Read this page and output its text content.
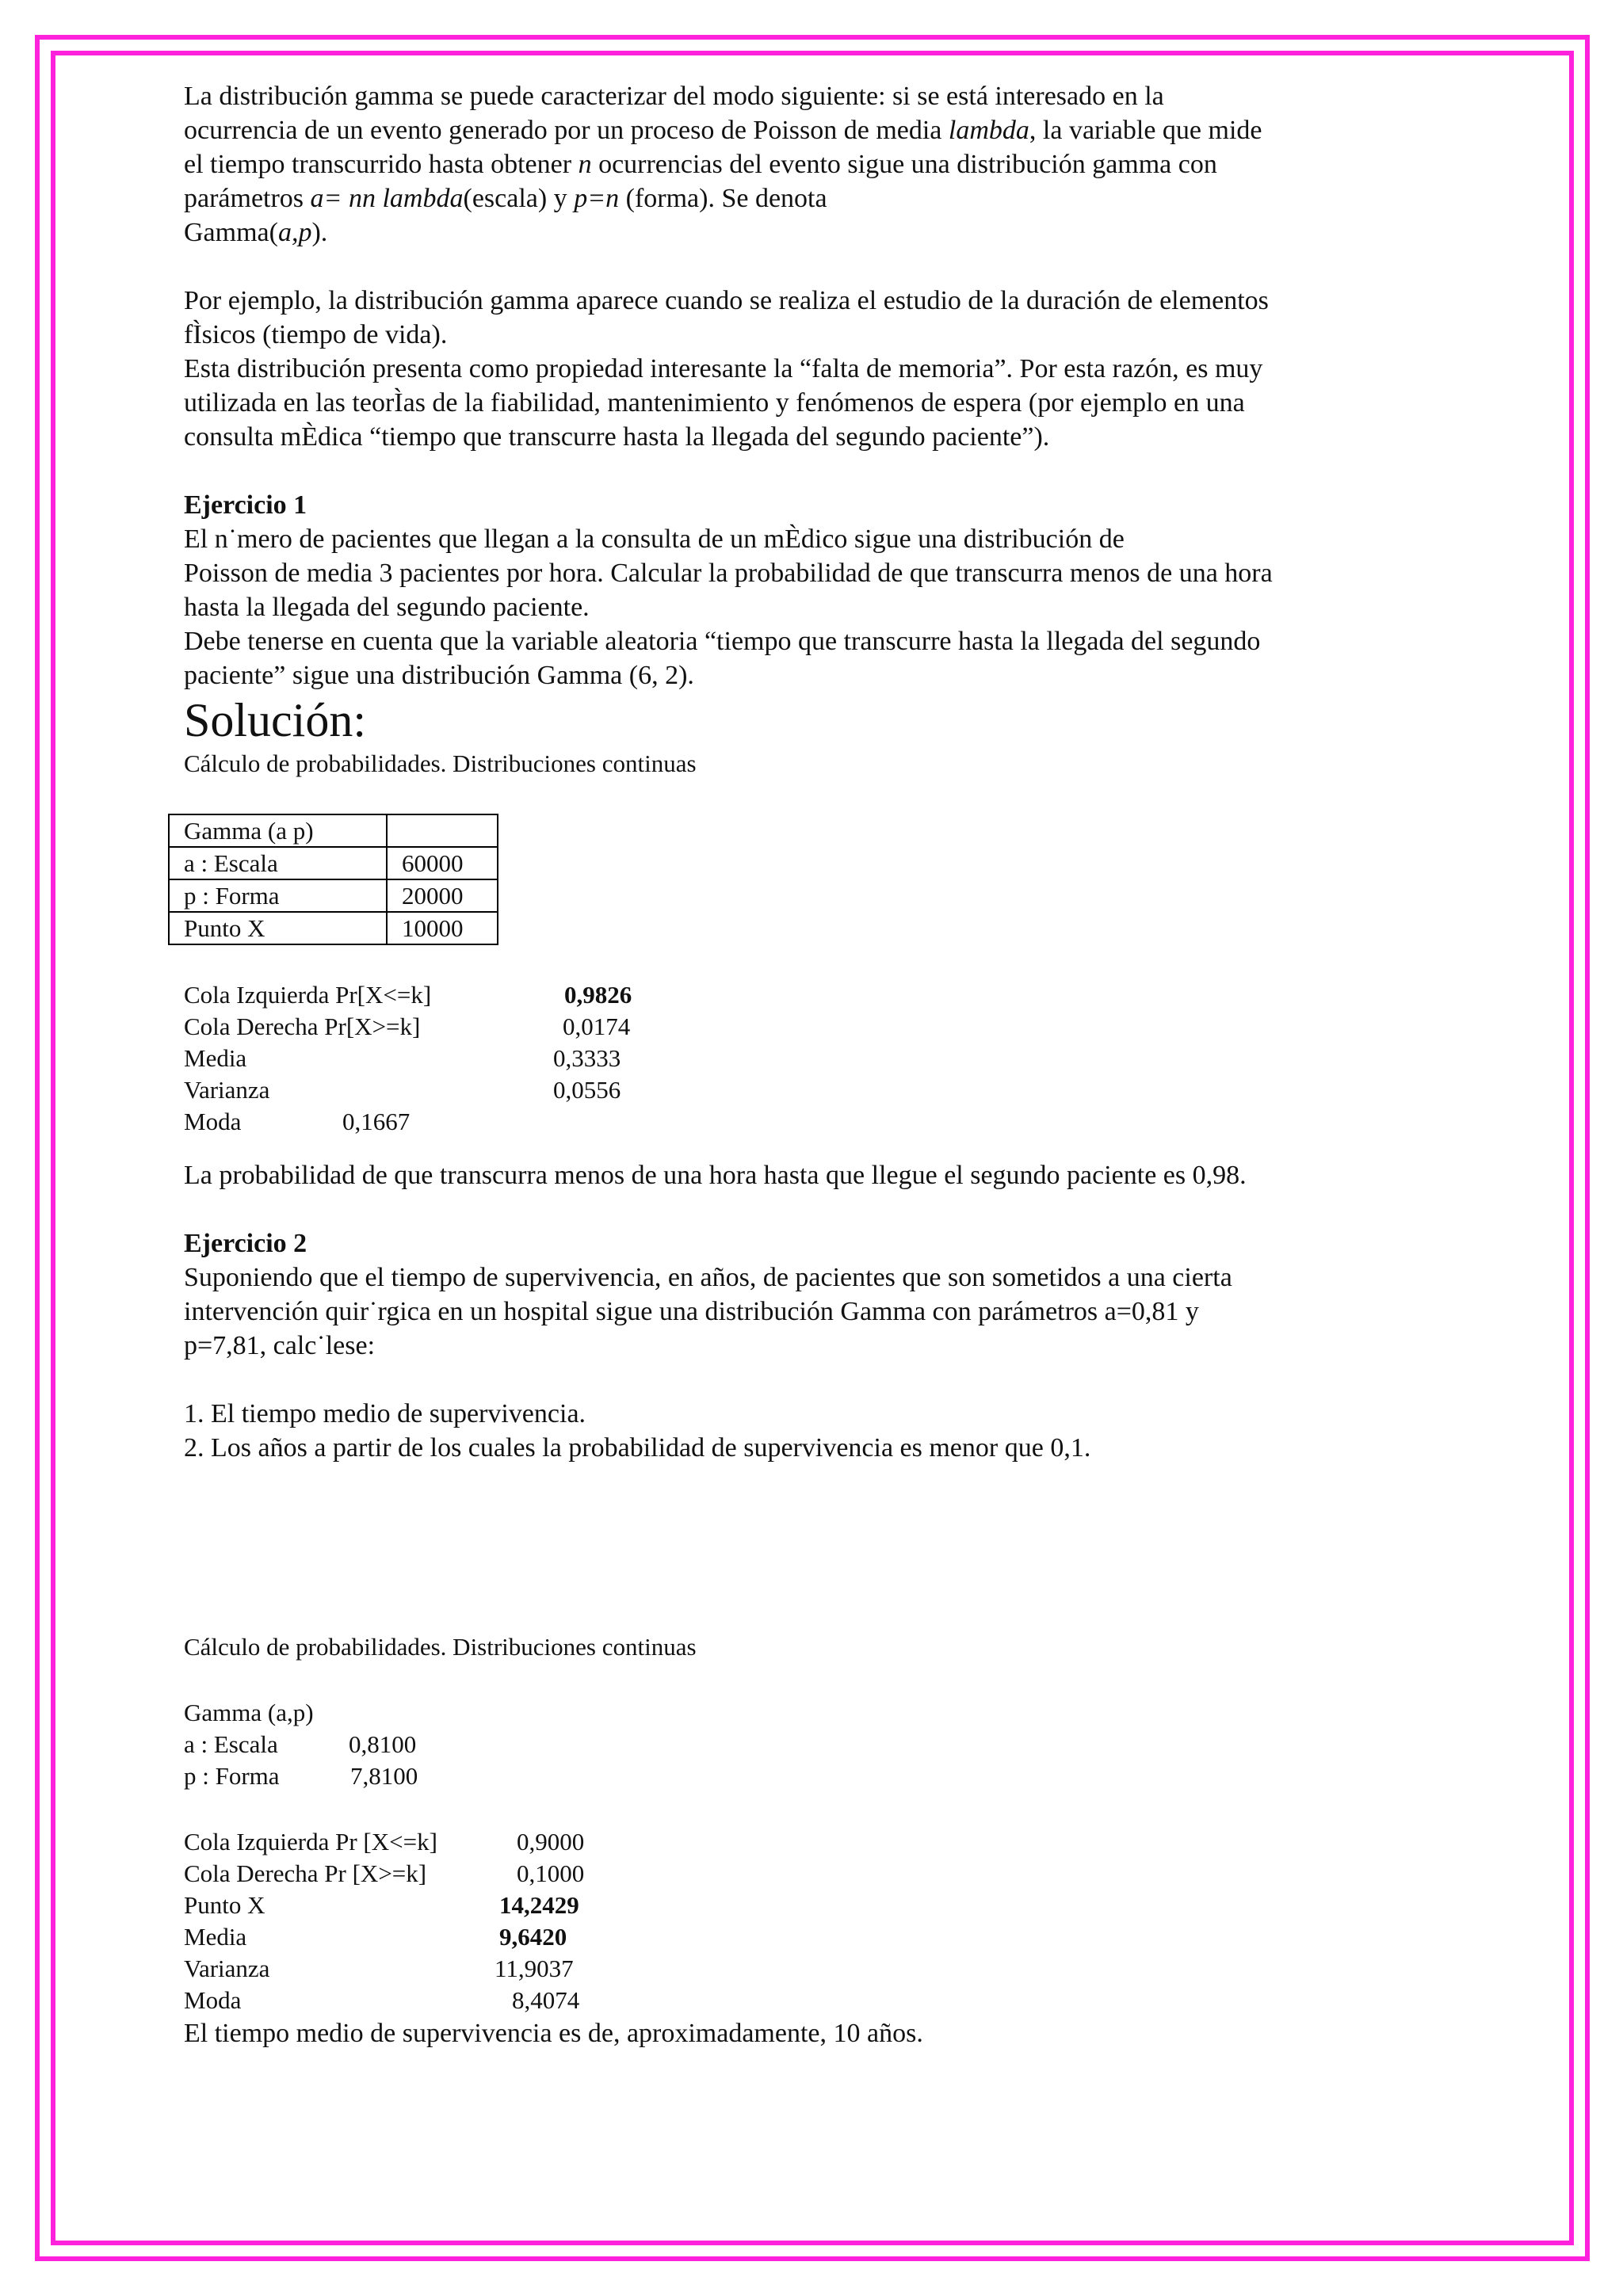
La distribución gamma se puede caracterizar del modo siguiente: si se está interesado en la

ocurrencia de un evento generado por un proceso de Poisson de media lambda, la variable que mide

el tiempo transcurrido hasta obtener n ocurrencias del evento sigue una distribución gamma con

parámetros a= nn lambda(escala) y p=n (forma). Se denota

Gamma(a,p).

Por ejemplo, la distribución gamma aparece cuando se realiza el estudio de la duración de elementos

fÌsicos (tiempo de vida).

Esta distribución presenta como propiedad interesante la “falta de memoria”. Por esta razón, es muy

utilizada en las teorÌas de la fiabilidad, mantenimiento y fenómenos de espera (por ejemplo en una

consulta mÈdica “tiempo que transcurre hasta la llegada del segundo paciente”).

Ejercicio 1

El n˙mero de pacientes que llegan a la consulta de un mÈdico sigue una distribución de

Poisson de media 3 pacientes por hora. Calcular la probabilidad de que transcurra menos de una hora

hasta la llegada del segundo paciente.

Debe tenerse en cuenta que la variable aleatoria “tiempo que transcurre hasta la llegada del segundo

paciente” sigue una distribución Gamma (6, 2).

Solución:

Cálculo de probabilidades. Distribuciones continuas

Gamma (a p)	
a : Escala	60000
p : Forma	20000
Punto X	10000
Cola Izquierda Pr[X<=k]	0,9826
Cola Derecha Pr[X>=k]	0,0174
Media	0,3333
Varianza	0,0556
Moda	0,1667

La probabilidad de que transcurra menos de una hora hasta que llegue el segundo paciente es 0,98.

Ejercicio 2

Suponiendo que el tiempo de supervivencia, en años, de pacientes que son sometidos a una cierta

intervención quir˙rgica en un hospital sigue una distribución Gamma con parámetros a=0,81 y

p=7,81, calc˙lese:

1. El tiempo medio de supervivencia.

2. Los años a partir de los cuales la probabilidad de supervivencia es menor que 0,1.

Cálculo de probabilidades. Distribuciones continuas

Gamma (a,p)
a : Escala	0,8100
p : Forma	7,8100
Cola Izquierda Pr [X<=k]	0,9000
Cola Derecha Pr [X>=k]	0,1000
Punto X	14,2429
Media	9,6420
Varianza	11,9037
Moda	8,4074

El tiempo medio de supervivencia es de, aproximadamente, 10 años.
